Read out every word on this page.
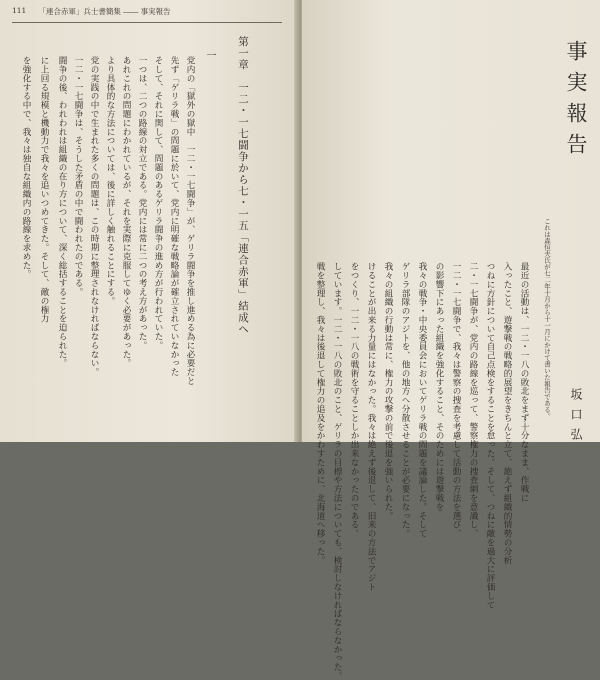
111 「連合赤軍」兵士書簡集 ―― 事実報告
第一章　一二・一七闘争から七・一五「連合赤軍」結成へ
一
党内の「獄外の獄中　一二・一七闘争」が、ゲリラ闘争を推し進める為に必要だと
先ず「ゲリラ戦」の問題に於いて、党内に明確な戦略論が確立されていなかった
そして、それに関して、問題のあるゲリラ闘争の進め方が行われていた。
一つは、二つの路線の対立である。党内には常に二つの考え方があった。
あれこれの問題にわかれているが、それを実際に克服してゆく必要があった。
より具体的な方法については、後に詳しく触れることにする。
党の実践の中で生まれた多くの問題は、この時期に整理されなければならない。
一二・一七闘争は、そうした矛盾の中で闘われたのである。
闘争の後、われわれは組織の在り方について、深く総括することを迫られた。
に上回る規模と機動力で我々を追いつめてきた。そして、敵の権力
を強化する中で、我々は独自な組織内の路線を求めた。	事実報告
これは森恒夫氏が七二年十月から十一月にかけて書いた報告である。 坂口弘
最近の活動は、一二・一八の敗北をまず十分なまま、作戦に
入ったこと、遊撃戦の戦略的展望をきちんと立て、絶えず組織的情勢の分析
つねに方針について自己点検をすることを怠った。そして、つねに敵を過大に評価して
二・一七闘争が、党内の路線を巡って、警察権力の捜査網を意識し、
一二・一七闘争で、我々は警察の捜査を考慮して活動の方法を選び、
の影響下にあった組織を強化すること、そのためには遊撃戦を
我々の戦争・中央委員会においてゲリラ戦の問題を議論した。そして
ゲリラ部隊のアジトを、他の地方へ分散させることが必要になった。
我々の組織の行動は常に、権力の攻撃の前で後退を強いられた。
けることが出来る力量にはなかった。我々は絶えず後退して、旧来の方法でアジト
をつくり、一二・一八の戦術を守ることしか出来なかったのである。
しています。一二・一八の敗北のこと、ゲリラの目標や方法についても、検討しなければならなかった。
戦を整理し、我々は後退して権力の追及をかわすために、北海道へ移った。
